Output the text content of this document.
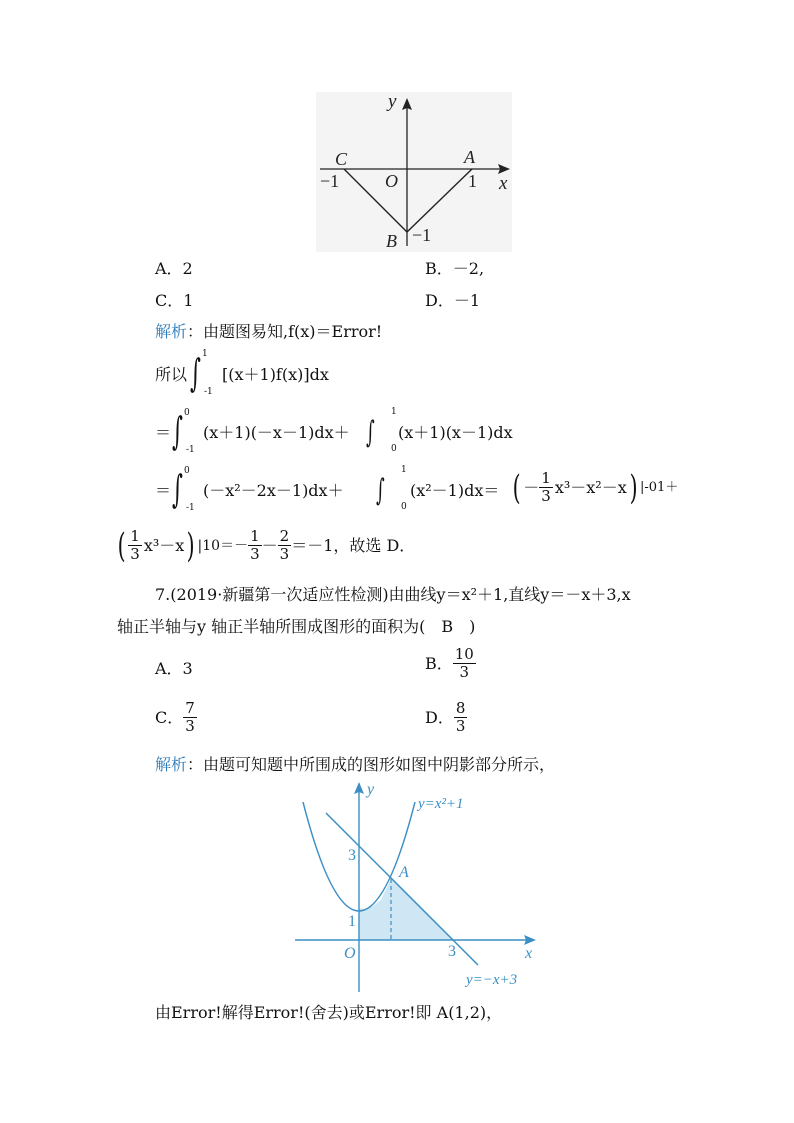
y
x
C	A
O
B
−1	1
−1
A．2	B．－2,
C．1	D．－1
解析：由题图易知,f(x)＝Error!
所以 ∫ 1
-1
[(x＋1)f(x)]dx
＝ ∫ 0
-1
(x＋1)(－x－1)dx＋ ∫
1
0
(x＋1)(x－1)dx
＝ ∫ 0
-1
(－x²－2x－1)dx＋ ∫
1
0
(x²－1)dx＝ ( － $\frac{1}{3} x^3-x^2-x$ ) |-01＋
( $\frac{1}{3} x^3-x$ ) $|10=- \frac{1}{3} - \frac{2}{3} =-1$，故选 D．
7.(2019·新疆第一次适应性检测)由曲线y＝x²＋1,直线y＝－x＋3,x
轴正半轴与y 轴正半轴所围成图形的面积为(　B　)
A．3	B． $\frac{10}{3}$
C． $\frac{7}{3}$	D． $\frac{8}{3}$
解析：由题可知题中所围成的图形如图中阴影部分所示，
y
x
O
3
1
3
A
y=x²+1
y=−x+3
由Error!解得Error!(舍去)或Error!即 A(1,2)，
